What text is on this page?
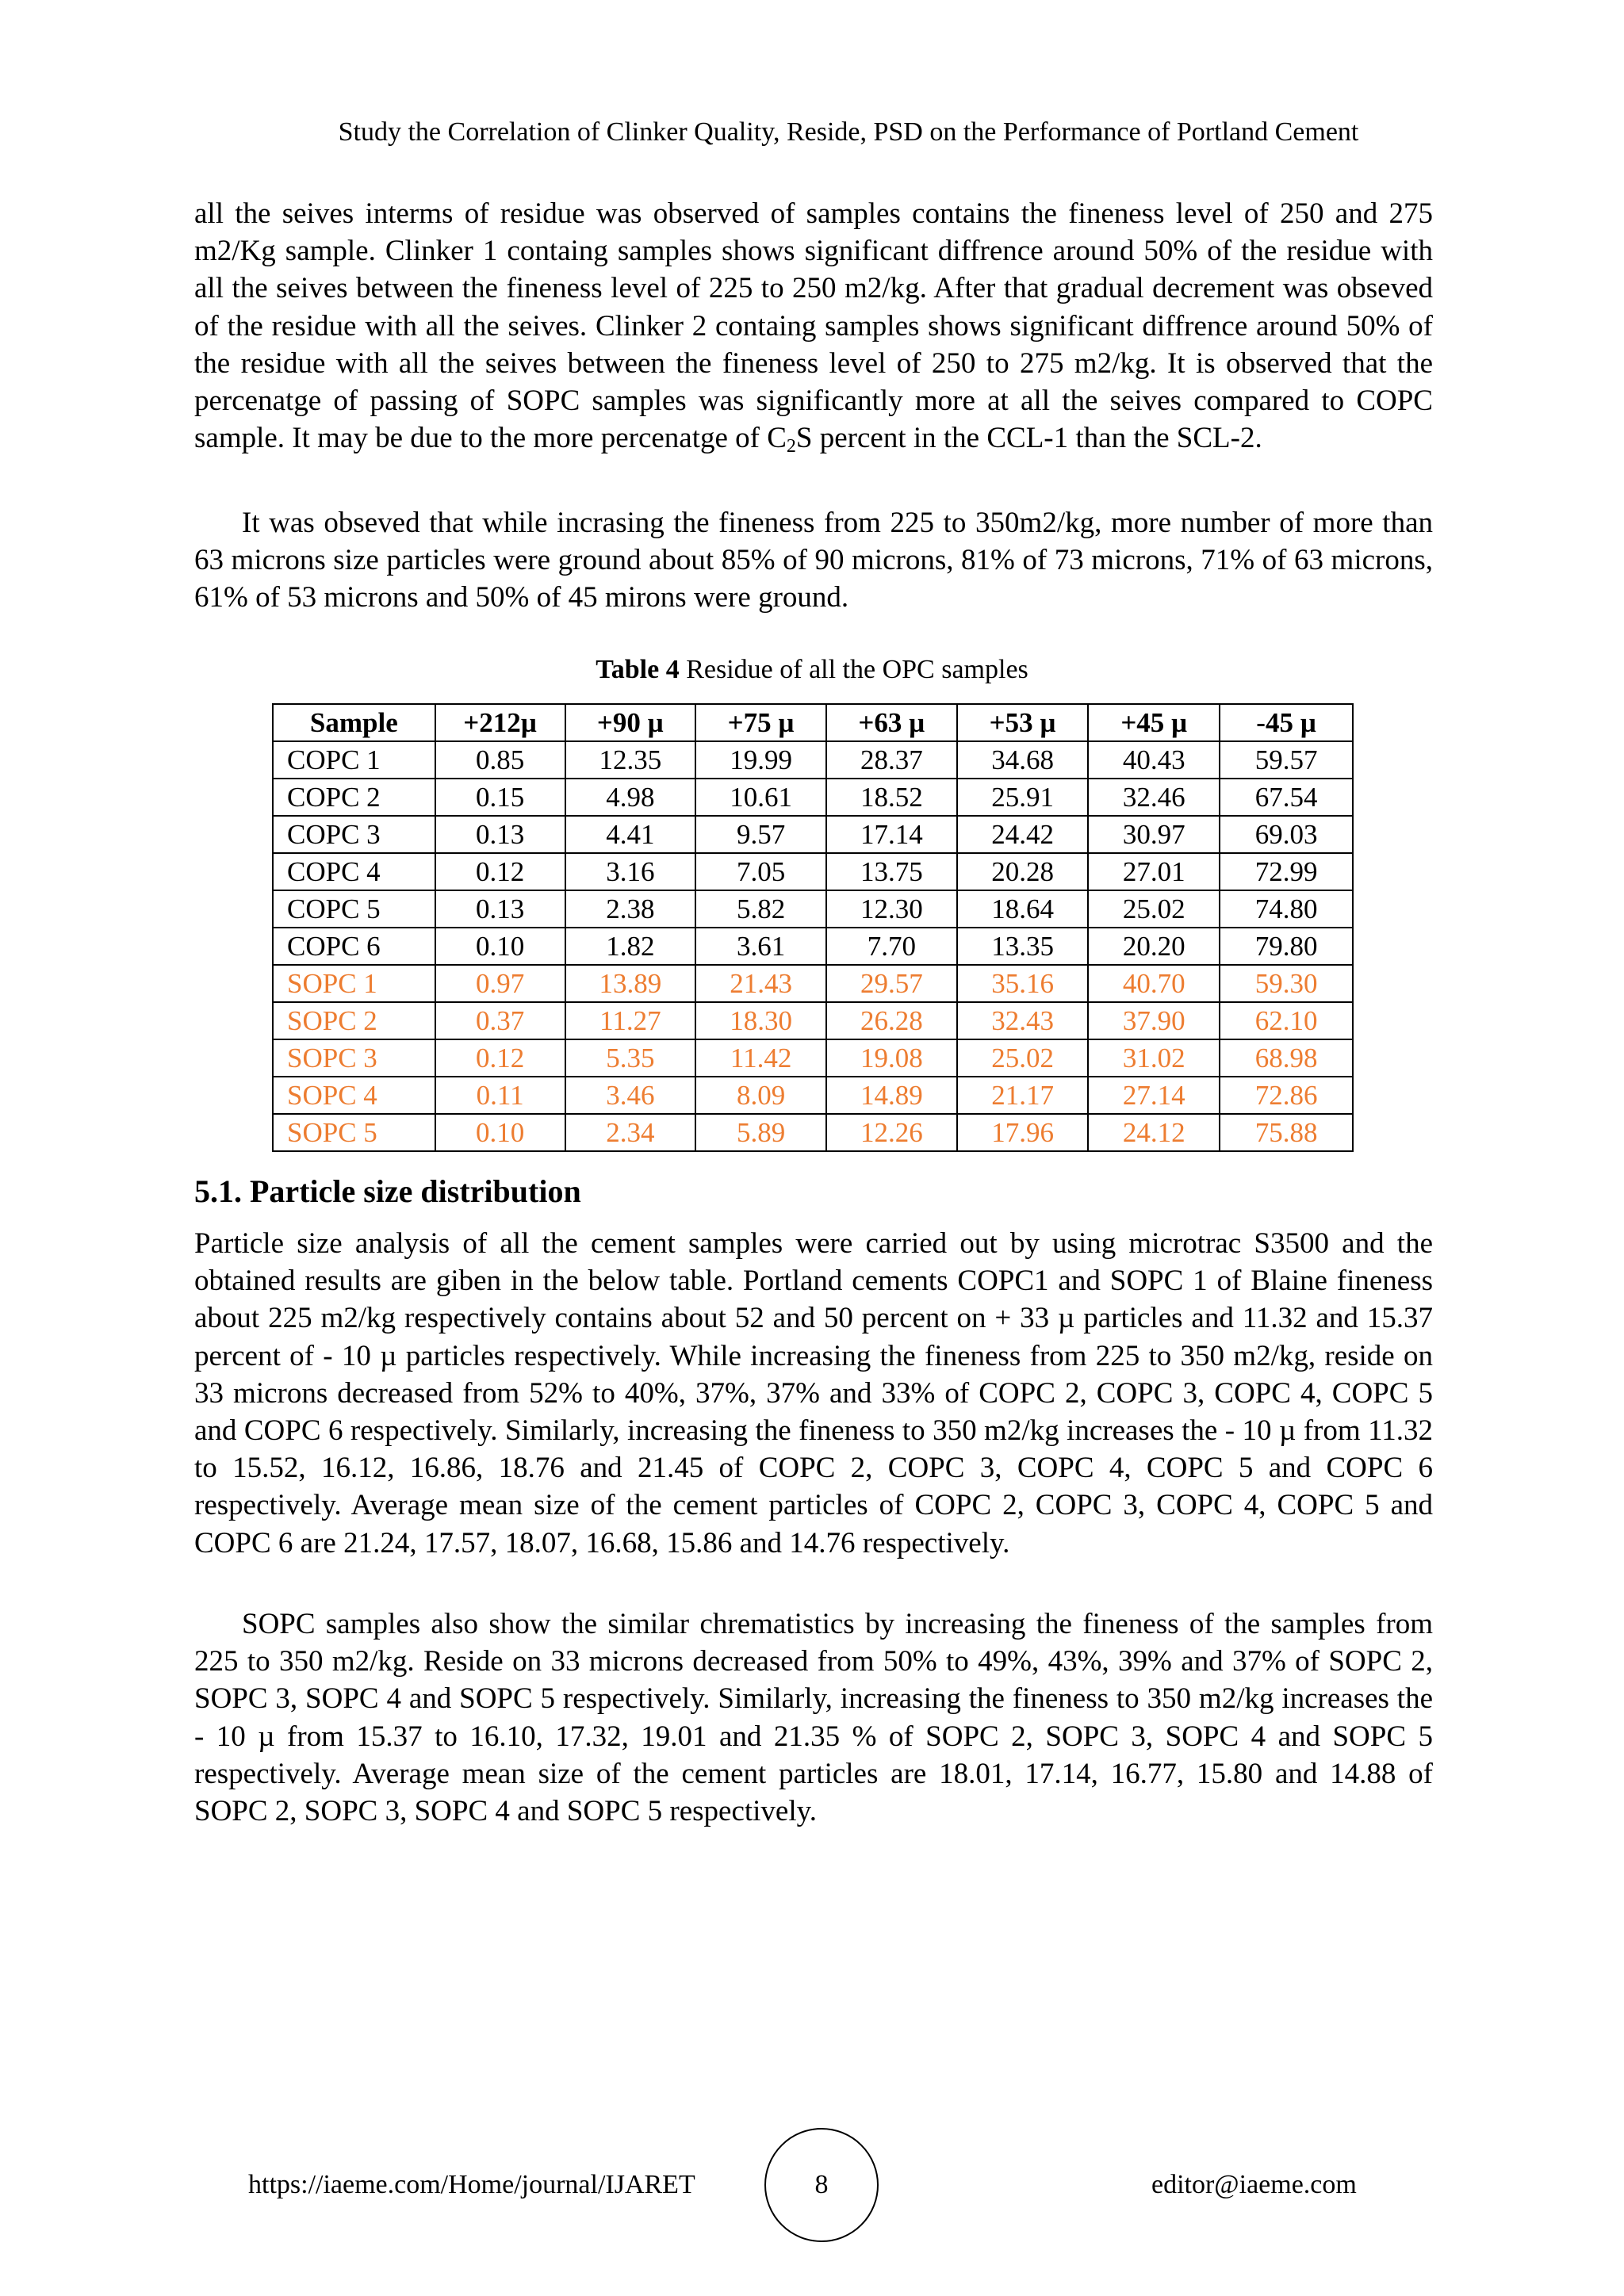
Study the Correlation of Clinker Quality, Reside, PSD on the Performance of Portland Cement

all the seives interms of residue was observed of samples contains the fineness level of 250 and 275 m2/Kg sample. Clinker 1 containg samples shows significant diffrence around 50% of the residue with all the seives between the fineness level of 225 to 250 m2/kg. After that gradual decrement was obseved of the residue with all the seives. Clinker 2 containg samples shows significant diffrence around 50% of the residue with all the seives between the fineness level of 250 to 275 m2/kg. It is observed that the percenatge of passing of SOPC samples was significantly more at all the seives compared to COPC sample. It may be due to the more percenatge of $C_2S$ percent in the CCL-1 than the SCL-2.

It was obseved that while incrasing the fineness from 225 to 350m2/kg, more number of more than 63 microns size particles were ground about 85% of 90 microns, 81% of 73 microns, 71% of 63 microns, 61% of 53 microns and 50% of 45 mirons were ground.

Table 4 Residue of all the OPC samples
Sample	+212µ	+90 µ	+75 µ	+63 µ	+53 µ	+45 µ	-45 µ
COPC 1	0.85	12.35	19.99	28.37	34.68	40.43	59.57
COPC 2	0.15	4.98	10.61	18.52	25.91	32.46	67.54
COPC 3	0.13	4.41	9.57	17.14	24.42	30.97	69.03
COPC 4	0.12	3.16	7.05	13.75	20.28	27.01	72.99
COPC 5	0.13	2.38	5.82	12.30	18.64	25.02	74.80
COPC 6	0.10	1.82	3.61	7.70	13.35	20.20	79.80
SOPC 1	0.97	13.89	21.43	29.57	35.16	40.70	59.30
SOPC 2	0.37	11.27	18.30	26.28	32.43	37.90	62.10
SOPC 3	0.12	5.35	11.42	19.08	25.02	31.02	68.98
SOPC 4	0.11	3.46	8.09	14.89	21.17	27.14	72.86
SOPC 5	0.10	2.34	5.89	12.26	17.96	24.12	75.88
5.1. Particle size distribution

Particle size analysis of all the cement samples were carried out by using microtrac S3500 and the obtained results are giben in the below table. Portland cements COPC1 and SOPC 1 of Blaine fineness about 225 m2/kg respectively contains about 52 and 50 percent on + 33 µ particles and 11.32 and 15.37 percent of - 10 µ particles respectively. While increasing the fineness from 225 to 350 m2/kg, reside on 33 microns decreased from 52% to 40%, 37%, 37% and 33% of COPC 2, COPC 3, COPC 4, COPC 5 and COPC 6 respectively. Similarly, increasing the fineness to 350 m2/kg increases the - 10 µ from 11.32 to 15.52, 16.12, 16.86, 18.76 and 21.45 of COPC 2, COPC 3, COPC 4, COPC 5 and COPC 6 respectively. Average mean size of the cement particles of COPC 2, COPC 3, COPC 4, COPC 5 and COPC 6 are 21.24, 17.57, 18.07, 16.68, 15.86 and 14.76 respectively.

SOPC samples also show the similar chrematistics by increasing the fineness of the samples from 225 to 350 m2/kg. Reside on 33 microns decreased from 50% to 49%, 43%, 39% and 37% of SOPC 2, SOPC 3, SOPC 4 and SOPC 5 respectively. Similarly, increasing the fineness to 350 m2/kg increases the - 10 µ from 15.37 to 16.10, 17.32, 19.01 and 21.35 % of SOPC 2, SOPC 3, SOPC 4 and SOPC 5 respectively. Average mean size of the cement particles are 18.01, 17.14, 16.77, 15.80 and 14.88 of SOPC 2, SOPC 3, SOPC 4 and SOPC 5 respectively.

https://iaeme.com/Home/journal/IJARET	8	editor@iaeme.com
